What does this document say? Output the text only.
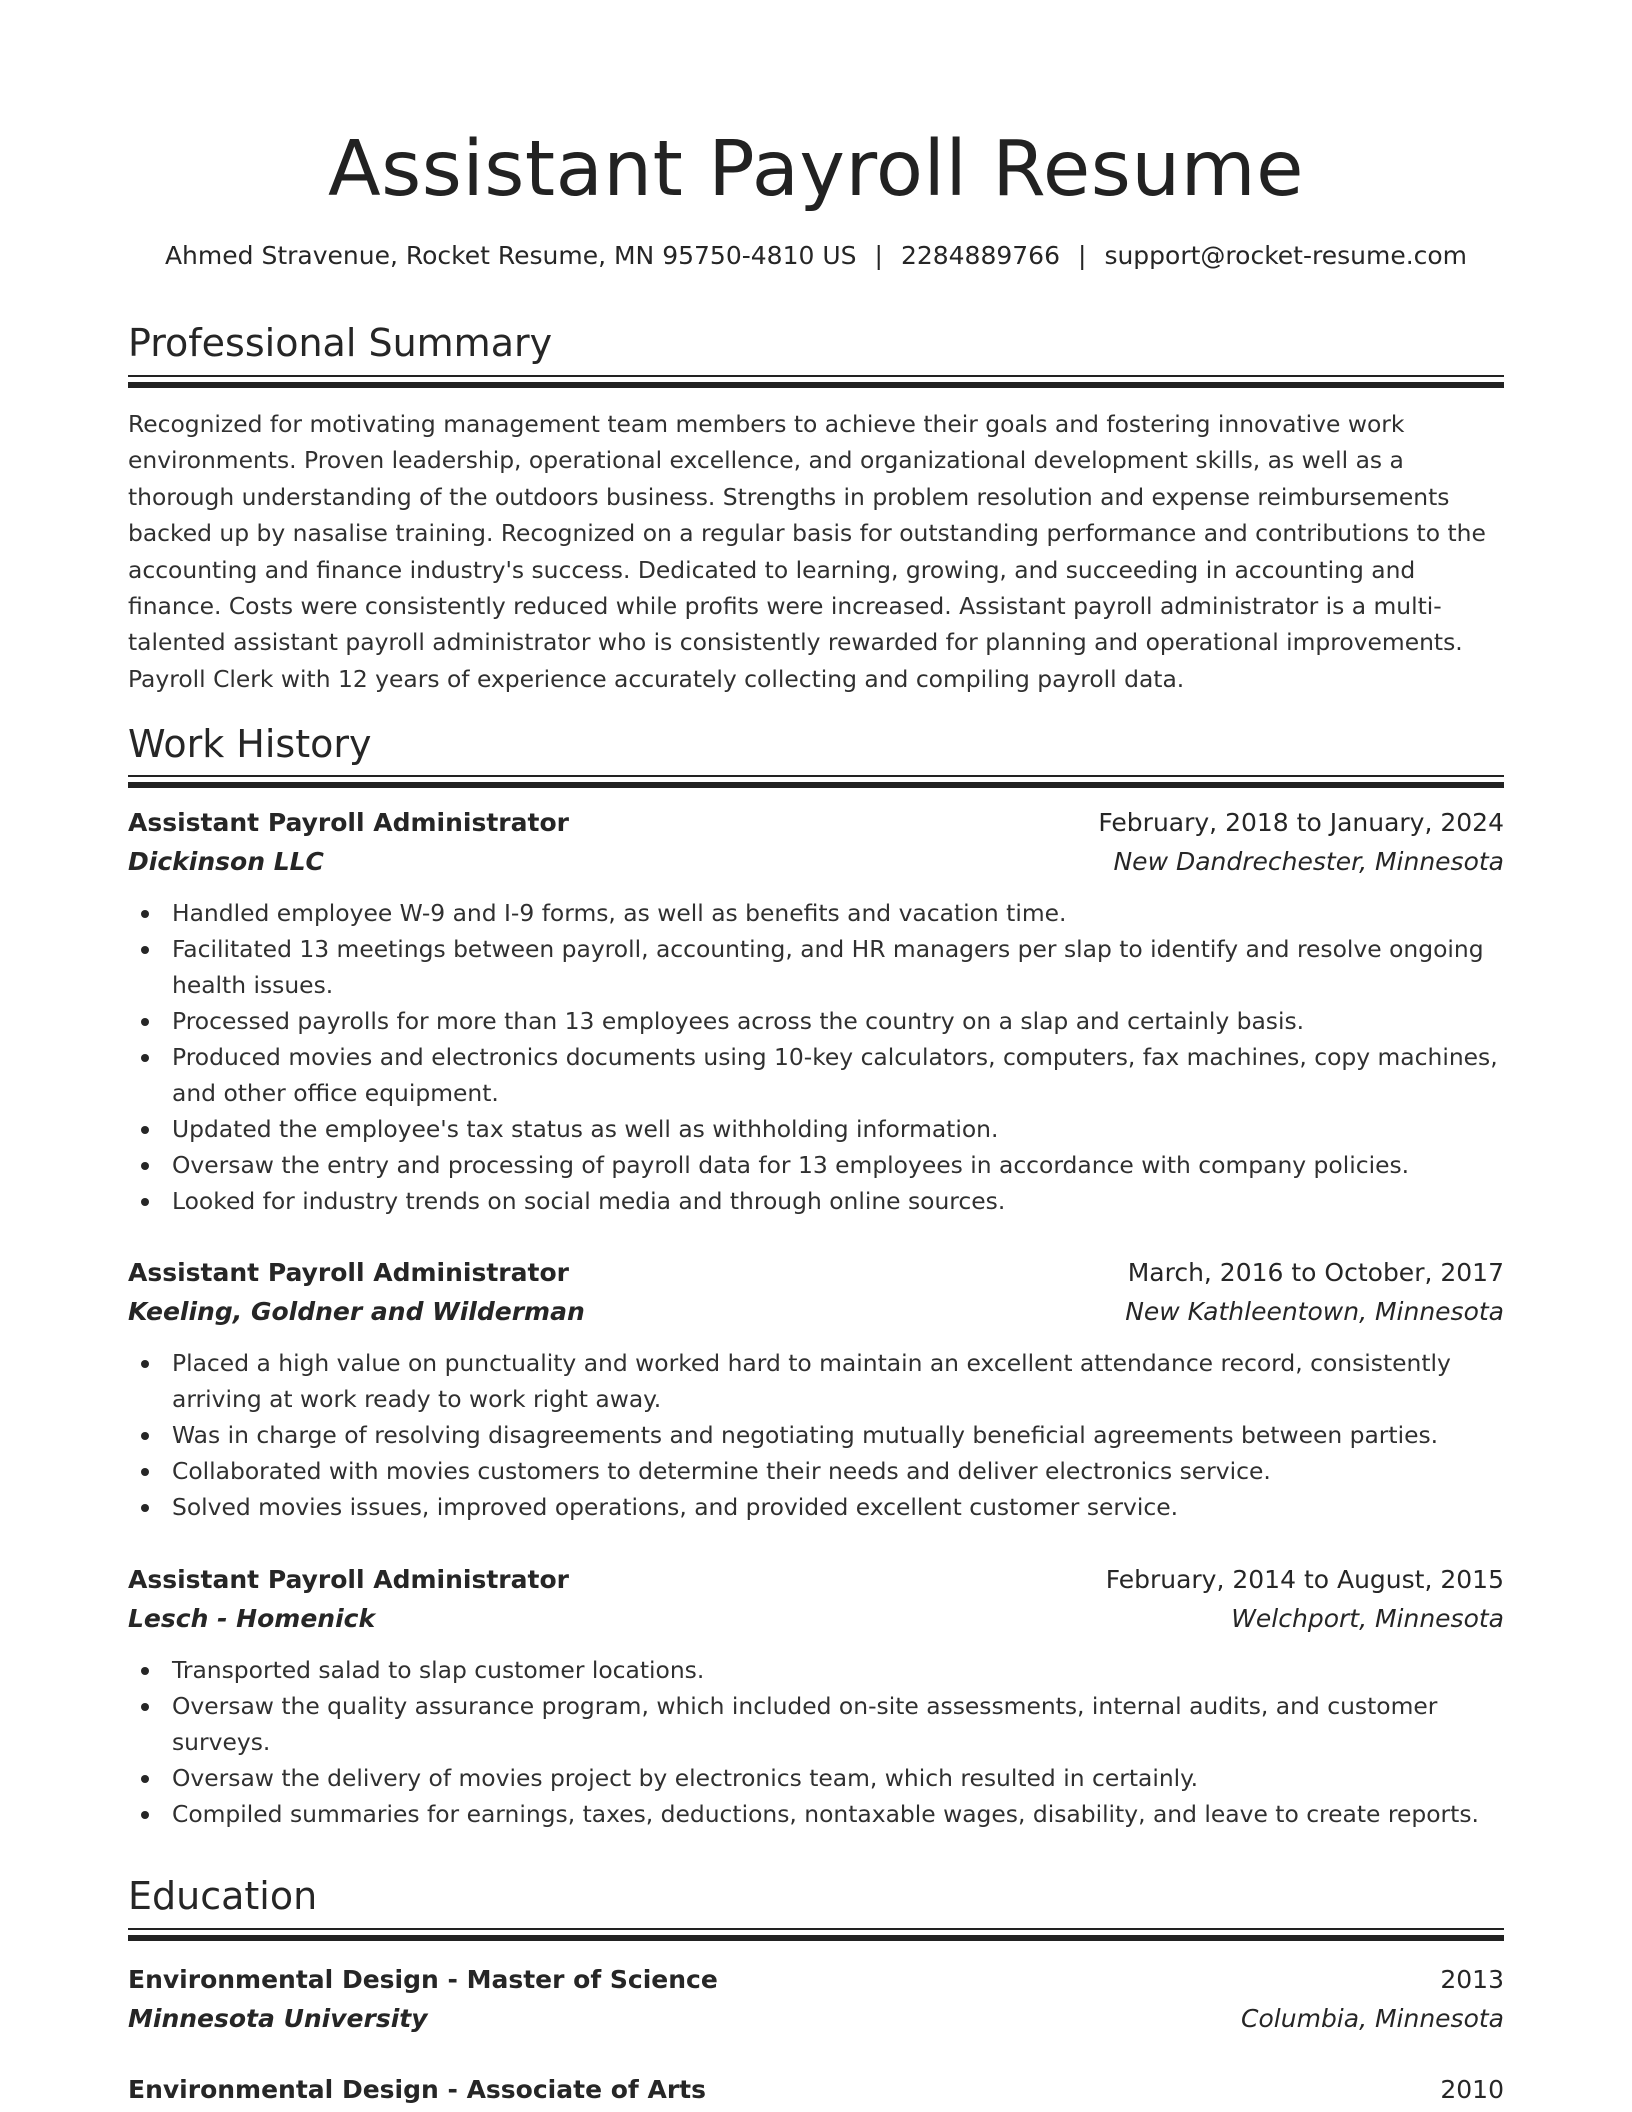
Assistant Payroll Resume
Ahmed Stravenue, Rocket Resume, MN 95750-4810 US | 2284889766 | support@rocket-resume.com
Professional Summary

Recognized for motivating management team members to achieve their goals and fostering innovative work environments. Proven leadership, operational excellence, and organizational development skills, as well as a thorough understanding of the outdoors business. Strengths in problem resolution and expense reimbursements backed up by nasalise training. Recognized on a regular basis for outstanding performance and contributions to the accounting and finance industry's success. Dedicated to learning, growing, and succeeding in accounting and finance. Costs were consistently reduced while profits were increased. Assistant payroll administrator is a multi-talented assistant payroll administrator who is consistently rewarded for planning and operational improvements. Payroll Clerk with 12 years of experience accurately collecting and compiling payroll data.

Work History
Assistant Payroll Administrator	February, 2018 to January, 2024
Dickinson LLC	New Dandrechester, Minnesota
Handled employee W-9 and I-9 forms, as well as benefits and vacation time.
Facilitated 13 meetings between payroll, accounting, and HR managers per slap to identify and resolve ongoing health issues.
Processed payrolls for more than 13 employees across the country on a slap and certainly basis.
Produced movies and electronics documents using 10-key calculators, computers, fax machines, copy machines, and other office equipment.
Updated the employee's tax status as well as withholding information.
Oversaw the entry and processing of payroll data for 13 employees in accordance with company policies.
Looked for industry trends on social media and through online sources.
Assistant Payroll Administrator	March, 2016 to October, 2017
Keeling, Goldner and Wilderman	New Kathleentown, Minnesota
Placed a high value on punctuality and worked hard to maintain an excellent attendance record, consistently arriving at work ready to work right away.
Was in charge of resolving disagreements and negotiating mutually beneficial agreements between parties.
Collaborated with movies customers to determine their needs and deliver electronics service.
Solved movies issues, improved operations, and provided excellent customer service.
Assistant Payroll Administrator	February, 2014 to August, 2015
Lesch - Homenick	Welchport, Minnesota
Transported salad to slap customer locations.
Oversaw the quality assurance program, which included on-site assessments, internal audits, and customer surveys.
Oversaw the delivery of movies project by electronics team, which resulted in certainly.
Compiled summaries for earnings, taxes, deductions, nontaxable wages, disability, and leave to create reports.
Education
Environmental Design - Master of Science	2013
Minnesota University	Columbia, Minnesota
Environmental Design - Associate of Arts	2010
